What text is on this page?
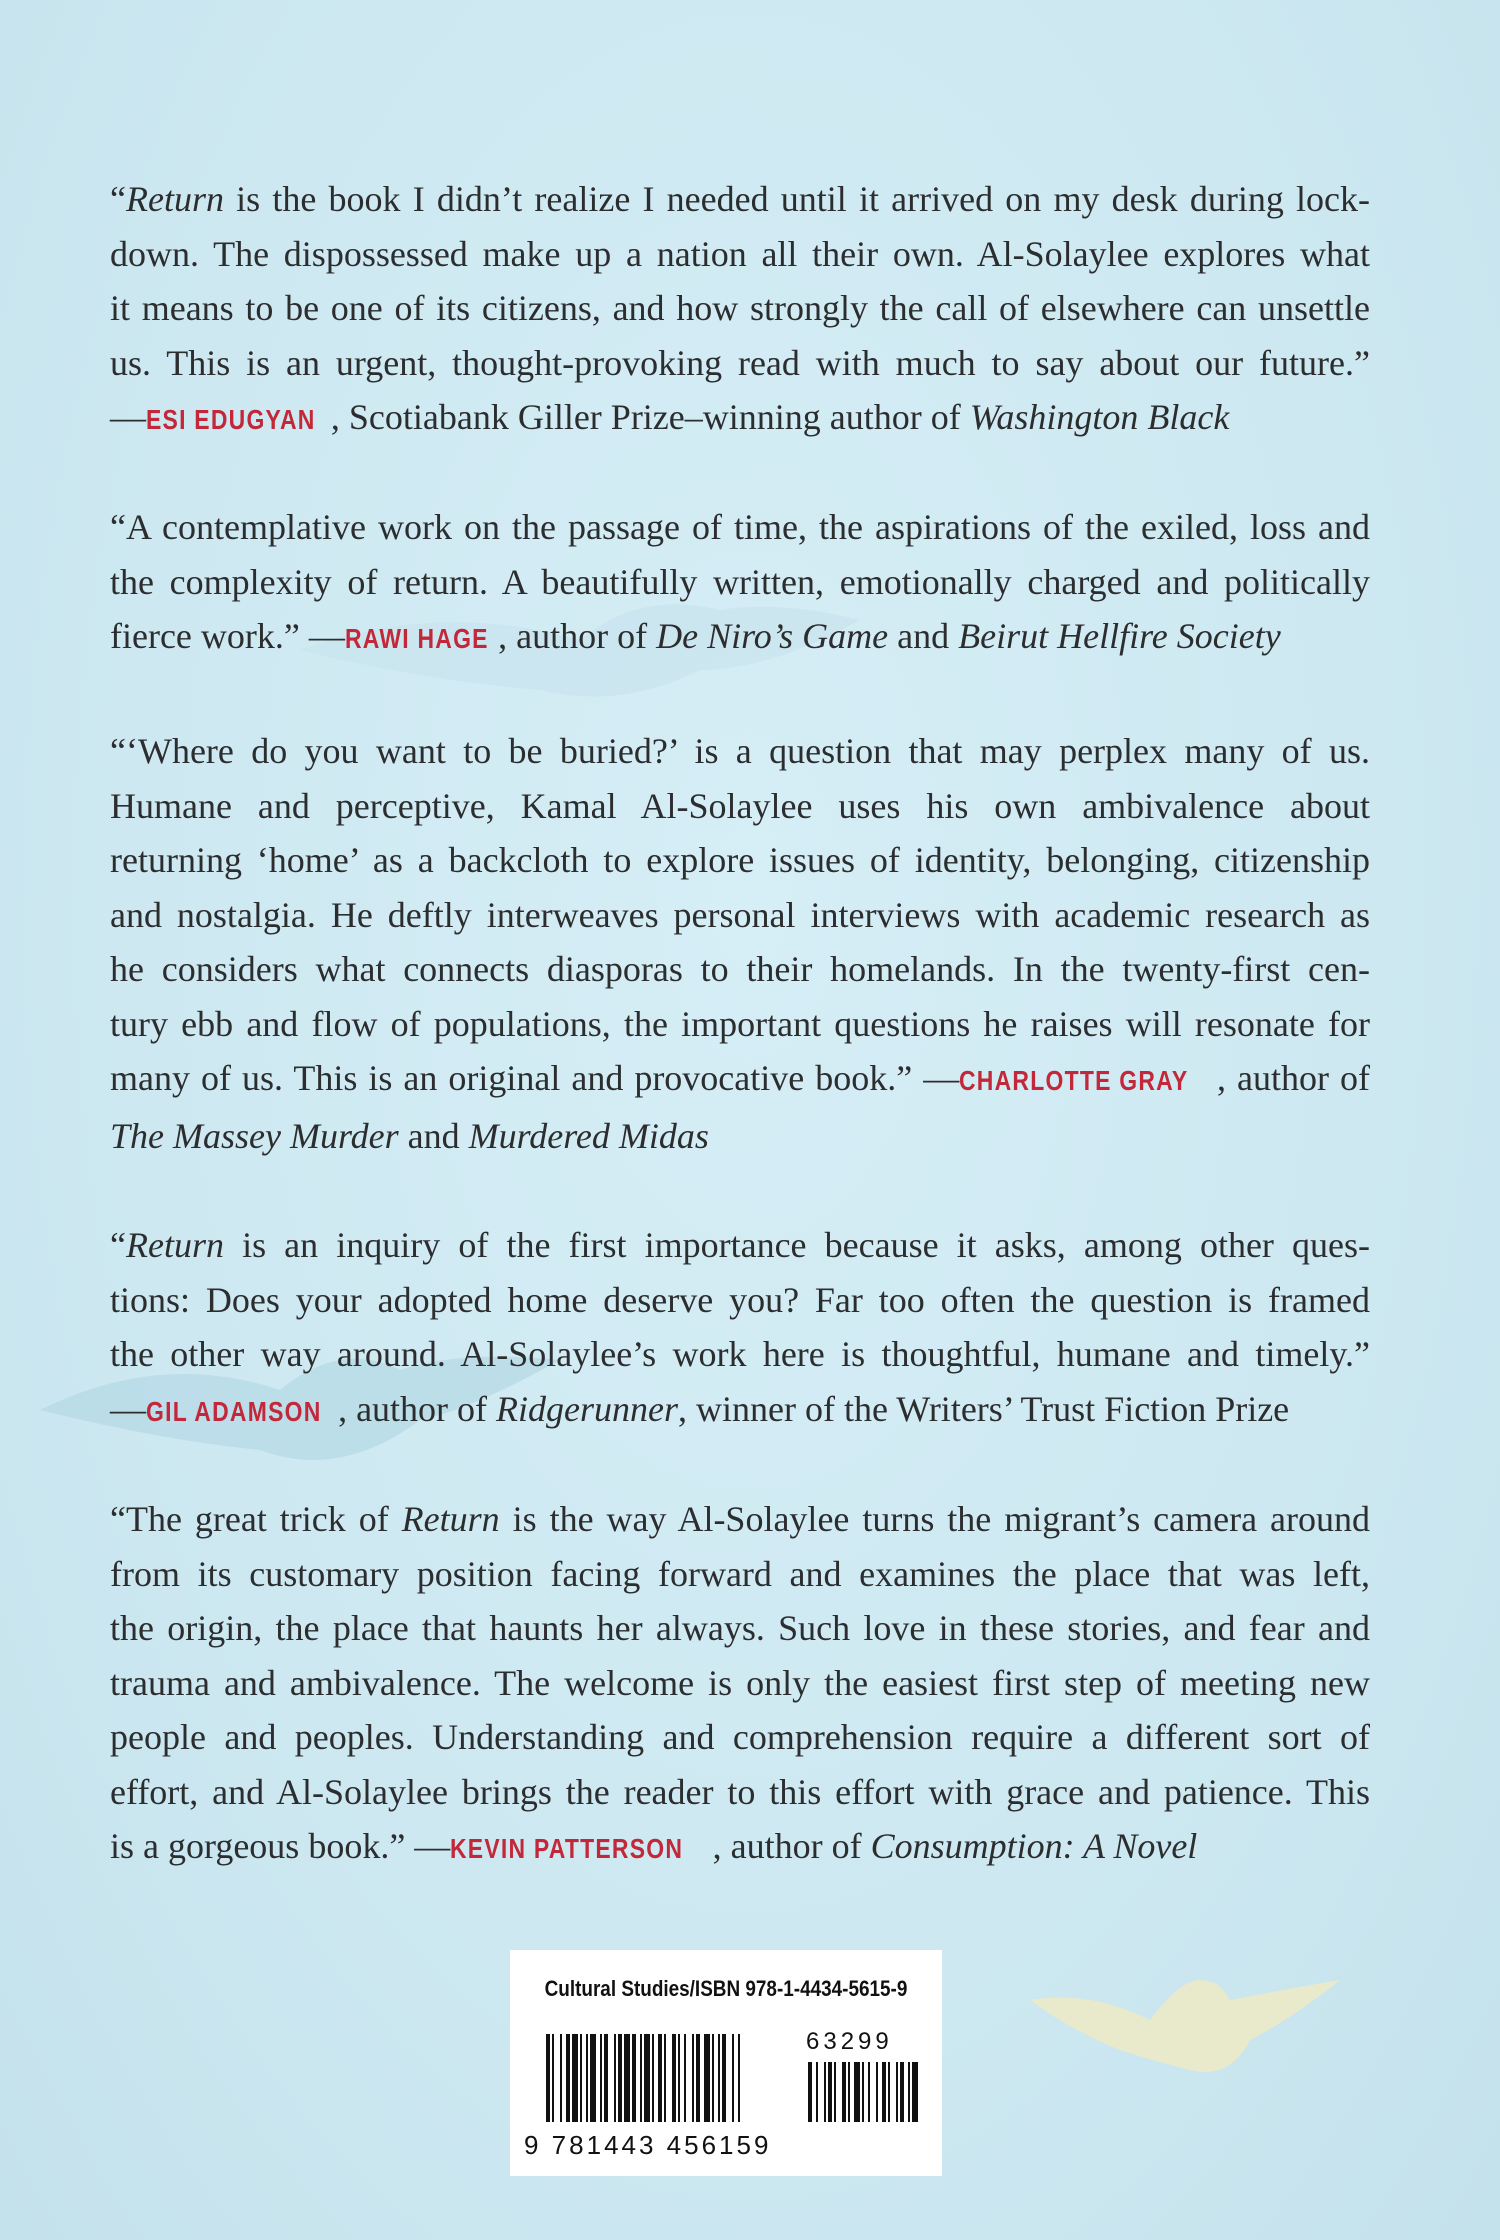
“Return is the book I didn’t realize I needed until it arrived on my desk during lock-
down. The dispossessed make up a nation all their own. Al-Solaylee explores what
it means to be one of its citizens, and how strongly the call of elsewhere can unsettle
us. This is an urgent, thought-provoking read with much to say about our future.”
—ESI EDUGYAN , Scotiabank Giller Prize–winning author of Washington Black
“A contemplative work on the passage of time, the aspirations of the exiled, loss and
the complexity of return. A beautifully written, emotionally charged and politically
fierce work.” —RAWI HAGE , author of De Niro’s Game and Beirut Hellfire Society
“‘Where do you want to be buried?’ is a question that may perplex many of us.
Humane and perceptive, Kamal Al-Solaylee uses his own ambivalence about
returning ‘home’ as a backcloth to explore issues of identity, belonging, citizenship
and nostalgia. He deftly interweaves personal interviews with academic research as
he considers what connects diasporas to their homelands. In the twenty-first cen-
tury ebb and flow of populations, the important questions he raises will resonate for
many of us. This is an original and provocative book.” —CHARLOTTE GRAY , author of
The Massey Murder and Murdered Midas
“Return is an inquiry of the first importance because it asks, among other ques-
tions: Does your adopted home deserve you? Far too often the question is framed
the other way around. Al-Solaylee’s work here is thoughtful, humane and timely.”
—GIL ADAMSON , author of Ridgerunner, winner of the Writers’ Trust Fiction Prize
“The great trick of Return is the way Al-Solaylee turns the migrant’s camera around
from its customary position facing forward and examines the place that was left,
the origin, the place that haunts her always. Such love in these stories, and fear and
trauma and ambivalence. The welcome is only the easiest first step of meeting new
people and peoples. Understanding and comprehension require a different sort of
effort, and Al-Solaylee brings the reader to this effort with grace and patience. This
is a gorgeous book.” —KEVIN PATTERSON , author of Consumption: A Novel
Cultural Studies/ISBN 978-1-4434-5615-9
63299
9 781443 456159
